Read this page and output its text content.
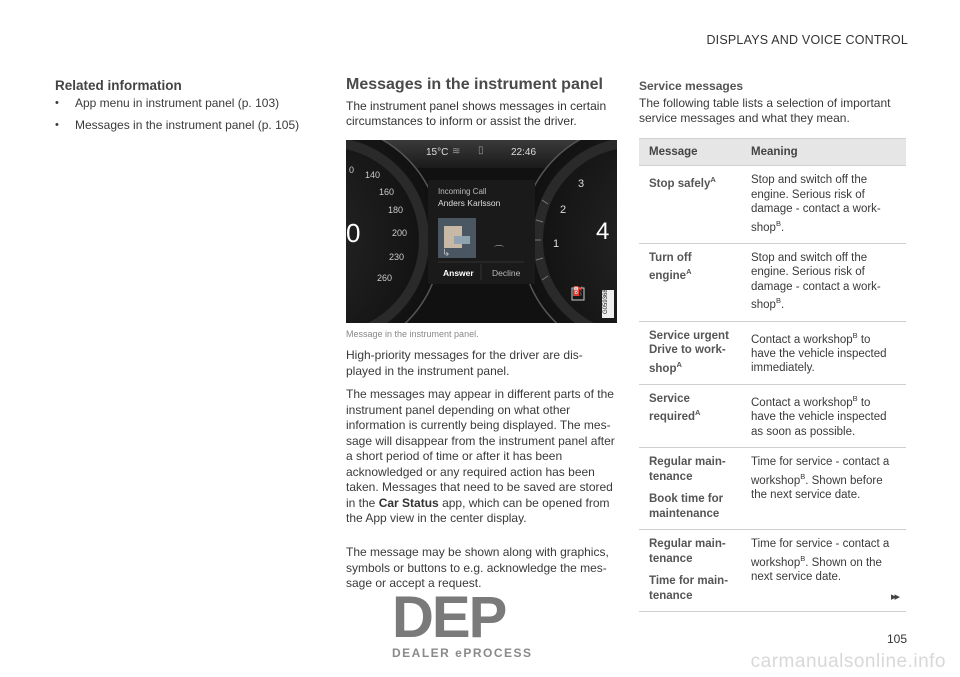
DISPLAYS AND VOICE CONTROL
Related information
• App menu in instrument panel (p. 103)
• Messages in the instrument panel (p. 105)
Messages in the instrument panel
The instrument panel shows messages in certain circumstances to inform or assist the driver.
↳	⌒
15°C ≋ ▯	22:46
0 140
160
180
200
230
260
0
Incoming Call
Anders Karlsson
Answer Decline
3
2
1 4
⛽	G059368
Message in the instrument panel.
High-priority messages for the driver are dis-played in the instrument panel.
The messages may appear in different parts of the instrument panel depending on what other information is currently being displayed. The mes-sage will disappear from the instrument panel after a short period of time or after it has been acknowledged or any required action has been taken. Messages that need to be saved are stored in the Car Status app, which can be opened from the App view in the center display.
The message may be shown along with graphics, symbols or buttons to e.g. acknowledge the mes-sage or accept a request.
Service messages
The following table lists a selection of important service messages and what they mean.
Message	Meaning
Stop safely$^A$	Stop and switch off the engine. Serious risk of damage - contact a work-shop$^B$.
Turn off engine$^A$	Stop and switch off the engine. Serious risk of damage - contact a work-shop$^B$.
Service urgent Drive to work-shop$^A$	Contact a workshop$^B$ to have the vehicle inspected immediately.
Service required$^A$	Contact a workshop$^B$ to have the vehicle inspected as soon as possible.

Regular main-tenance
Book time for maintenance	Time for service - contact a workshop$^B$. Shown before the next service date.

Regular main-tenance
Time for main-tenance	Time for service - contact a workshop$^B$. Shown on the next service date.
▸▸
105
DEP
DEALER ePROCESS	carmanualsonline.info
